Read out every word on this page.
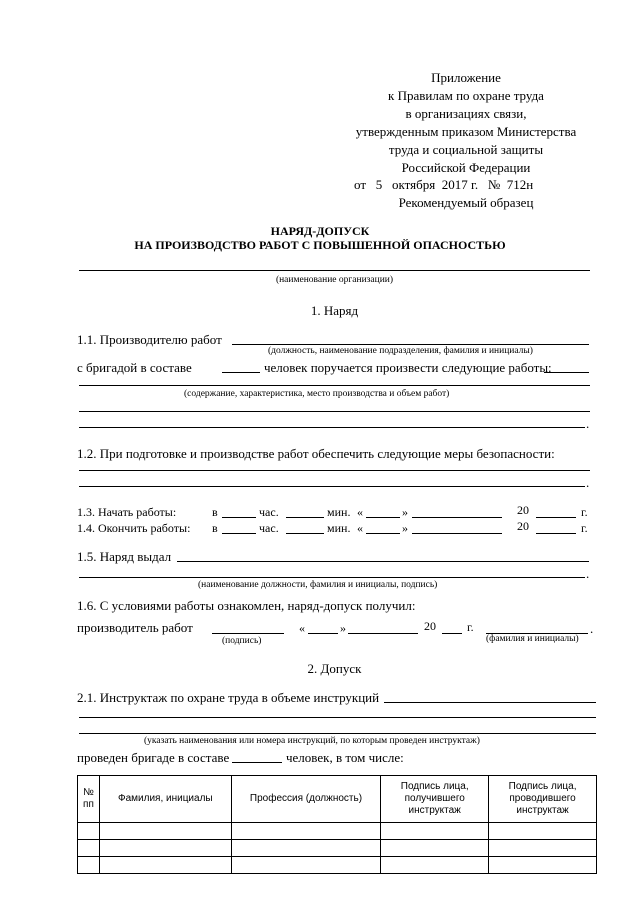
Приложение
к Правилам по охране труда
в организациях связи,
утвержденным приказом Министерства
труда и социальной защиты
Российской Федерации
от 5 октября 2017 г. № 712н
Рекомендуемый образец
НАРЯД-ДОПУСК
НА ПРОИЗВОДСТВО РАБОТ С ПОВЫШЕННОЙ ОПАСНОСТЬЮ
(наименование организации)
1. Наряд
1.1. Производителю работ
(должность, наименование подразделения, фамилия и инициалы)
с бригадой в составе	человек поручается произвести следующие работы:
(содержание, характеристика, место производства и объем работ)
.
1.2. При подготовке и производстве работ обеспечить следующие меры безопасности:
.
1.3. Начать работы:	в	час.	мин. «	»	20	г.
1.4. Окончить работы: в	час.	мин. «	»	20	г.
1.5. Наряд выдал
.
(наименование должности, фамилия и инициалы, подпись)
1.6. С условиями работы ознакомлен, наряд-допуск получил:
производитель работ	«	»	20	г.	.
(подпись)	(фамилия и инициалы)
2. Допуск
2.1. Инструктаж по охране труда в объеме инструкций
(указать наименования или номера инструкций, по которым проведен инструктаж)
проведен бригаде в составе	человек, в том числе:
№ пп	Фамилия, инициалы	Профессия (должность)	Подпись лица, получившего инструктаж	Подпись лица, проводившего инструктаж
